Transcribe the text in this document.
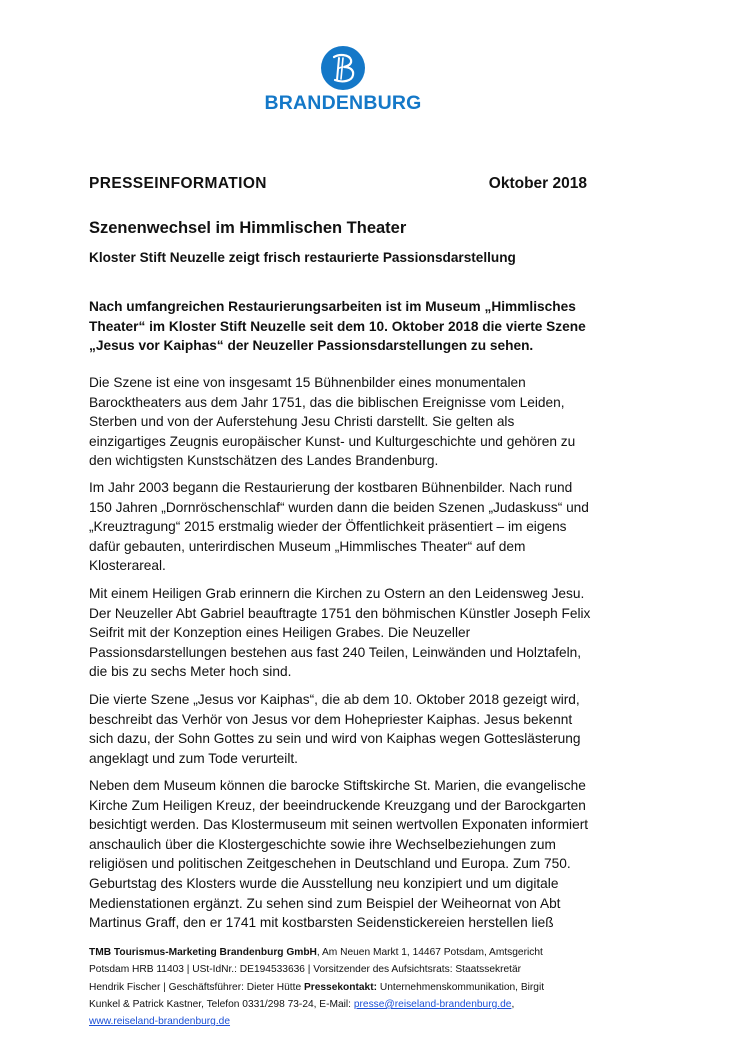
BRANDENBURG
PRESSEINFORMATION	Oktober 2018
Szenenwechsel im Himmlischen Theater
Kloster Stift Neuzelle zeigt frisch restaurierte Passionsdarstellung
Nach umfangreichen Restaurierungsarbeiten ist im Museum „Himmlisches
Theater“ im Kloster Stift Neuzelle seit dem 10. Oktober 2018 die vierte Szene
„Jesus vor Kaiphas“ der Neuzeller Passionsdarstellungen zu sehen.
Die Szene ist eine von insgesamt 15 Bühnenbilder eines monumentalen
Barocktheaters aus dem Jahr 1751, das die biblischen Ereignisse vom Leiden,
Sterben und von der Auferstehung Jesu Christi darstellt. Sie gelten als
einzigartiges Zeugnis europäischer Kunst- und Kulturgeschichte und gehören zu
den wichtigsten Kunstschätzen des Landes Brandenburg.
Im Jahr 2003 begann die Restaurierung der kostbaren Bühnenbilder. Nach rund
150 Jahren „Dornröschenschlaf“ wurden dann die beiden Szenen „Judaskuss“ und
„Kreuztragung“ 2015 erstmalig wieder der Öffentlichkeit präsentiert – im eigens
dafür gebauten, unterirdischen Museum „Himmlisches Theater“ auf dem
Klosterareal.
Mit einem Heiligen Grab erinnern die Kirchen zu Ostern an den Leidensweg Jesu.
Der Neuzeller Abt Gabriel beauftragte 1751 den böhmischen Künstler Joseph Felix
Seifrit mit der Konzeption eines Heiligen Grabes. Die Neuzeller
Passionsdarstellungen bestehen aus fast 240 Teilen, Leinwänden und Holztafeln,
die bis zu sechs Meter hoch sind.
Die vierte Szene „Jesus vor Kaiphas“, die ab dem 10. Oktober 2018 gezeigt wird,
beschreibt das Verhör von Jesus vor dem Hohepriester Kaiphas. Jesus bekennt
sich dazu, der Sohn Gottes zu sein und wird von Kaiphas wegen Gotteslästerung
angeklagt und zum Tode verurteilt.
Neben dem Museum können die barocke Stiftskirche St. Marien, die evangelische
Kirche Zum Heiligen Kreuz, der beeindruckende Kreuzgang und der Barockgarten
besichtigt werden. Das Klostermuseum mit seinen wertvollen Exponaten informiert
anschaulich über die Klostergeschichte sowie ihre Wechselbeziehungen zum
religiösen und politischen Zeitgeschehen in Deutschland und Europa. Zum 750.
Geburtstag des Klosters wurde die Ausstellung neu konzipiert und um digitale
Medienstationen ergänzt. Zu sehen sind zum Beispiel der Weiheornat von Abt
Martinus Graff, den er 1741 mit kostbarsten Seidenstickereien herstellen ließ
TMB Tourismus-Marketing Brandenburg GmbH, Am Neuen Markt 1, 14467 Potsdam, Amtsgericht
Potsdam HRB 11403 | USt-IdNr.: DE194533636 | Vorsitzender des Aufsichtsrats: Staatssekretär
Hendrik Fischer | Geschäftsführer: Dieter Hütte Pressekontakt: Unternehmenskommunikation, Birgit
Kunkel & Patrick Kastner, Telefon 0331/298 73-24, E-Mail: presse@reiseland-brandenburg.de,
www.reiseland-brandenburg.de
